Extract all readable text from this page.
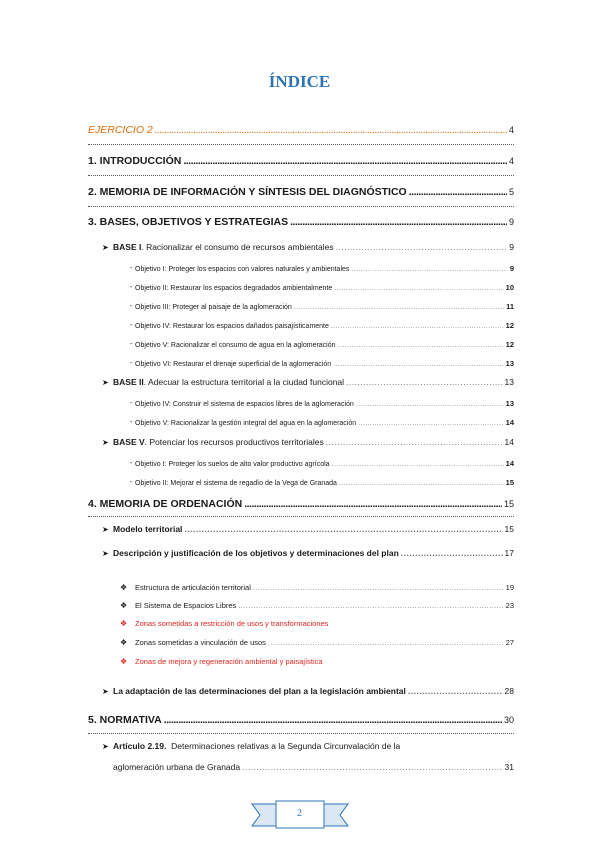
ÍNDICE
EJERCICIO 2 .....	4
1. INTRODUCCIÓN .....	4
2. MEMORIA DE INFORMACIÓN Y SÍNTESIS DEL DIAGNÓSTICO .....	5
3. BASES, OBJETIVOS Y ESTRATEGIAS .....	9
➤ BASE I. Racionalizar el consumo de recursos ambientales .....	9
- Objetivo I: Proteger los espacios con valores naturales y ambientales .....	9
- Objetivo II: Restaurar los espacios degradados ambientalmente .....	10
- Objetivo III: Proteger al paisaje de la aglomeración .....	11
- Objetivo IV: Restaurar los espacios dañados paisajísticamente .....	12
- Objetivo V: Racionalizar el consumo de agua en la aglomeración .....	12
- Objetivo VI: Restaurar el drenaje superficial de la aglomeración .....	13
➤ BASE II. Adecuar la estructura territorial a la ciudad funcional .....	13
- Objetivo IV: Construir el sistema de espacios libres de la aglomeración .....	13
- Objetivo V: Racionalizar la gestión integral del agua en la aglomeración .....	14
➤ BASE V. Potenciar los recursos productivos territoriales .....	14
- Objetivo I: Proteger los suelos de alto valor productivo agrícola .....	14
- Objetivo II: Mejorar el sistema de regadío de la Vega de Granada .....	15
4. MEMORIA DE ORDENACIÓN .....	15
➤ Modelo territorial .....	15
➤ Descripción y justificación de los objetivos y determinaciones del plan .....	17
❖ Estructura de articulación territorial .....	19
❖ El Sistema de Espacios Libres .....	23
❖ Zonas sometidas a restricción de usos y transformaciones
❖ Zonas sometidas a vinculación de usos .....	27
❖ Zonas de mejora y regeneración ambiental y paisajística
➤ La adaptación de las determinaciones del plan a la legislación ambiental .....	28
5. NORMATIVA .....	30
➤ Artículo 2.19. Determinaciones relativas a la Segunda Circunvalación de la
aglomeración urbana de Granada .....	31
2
